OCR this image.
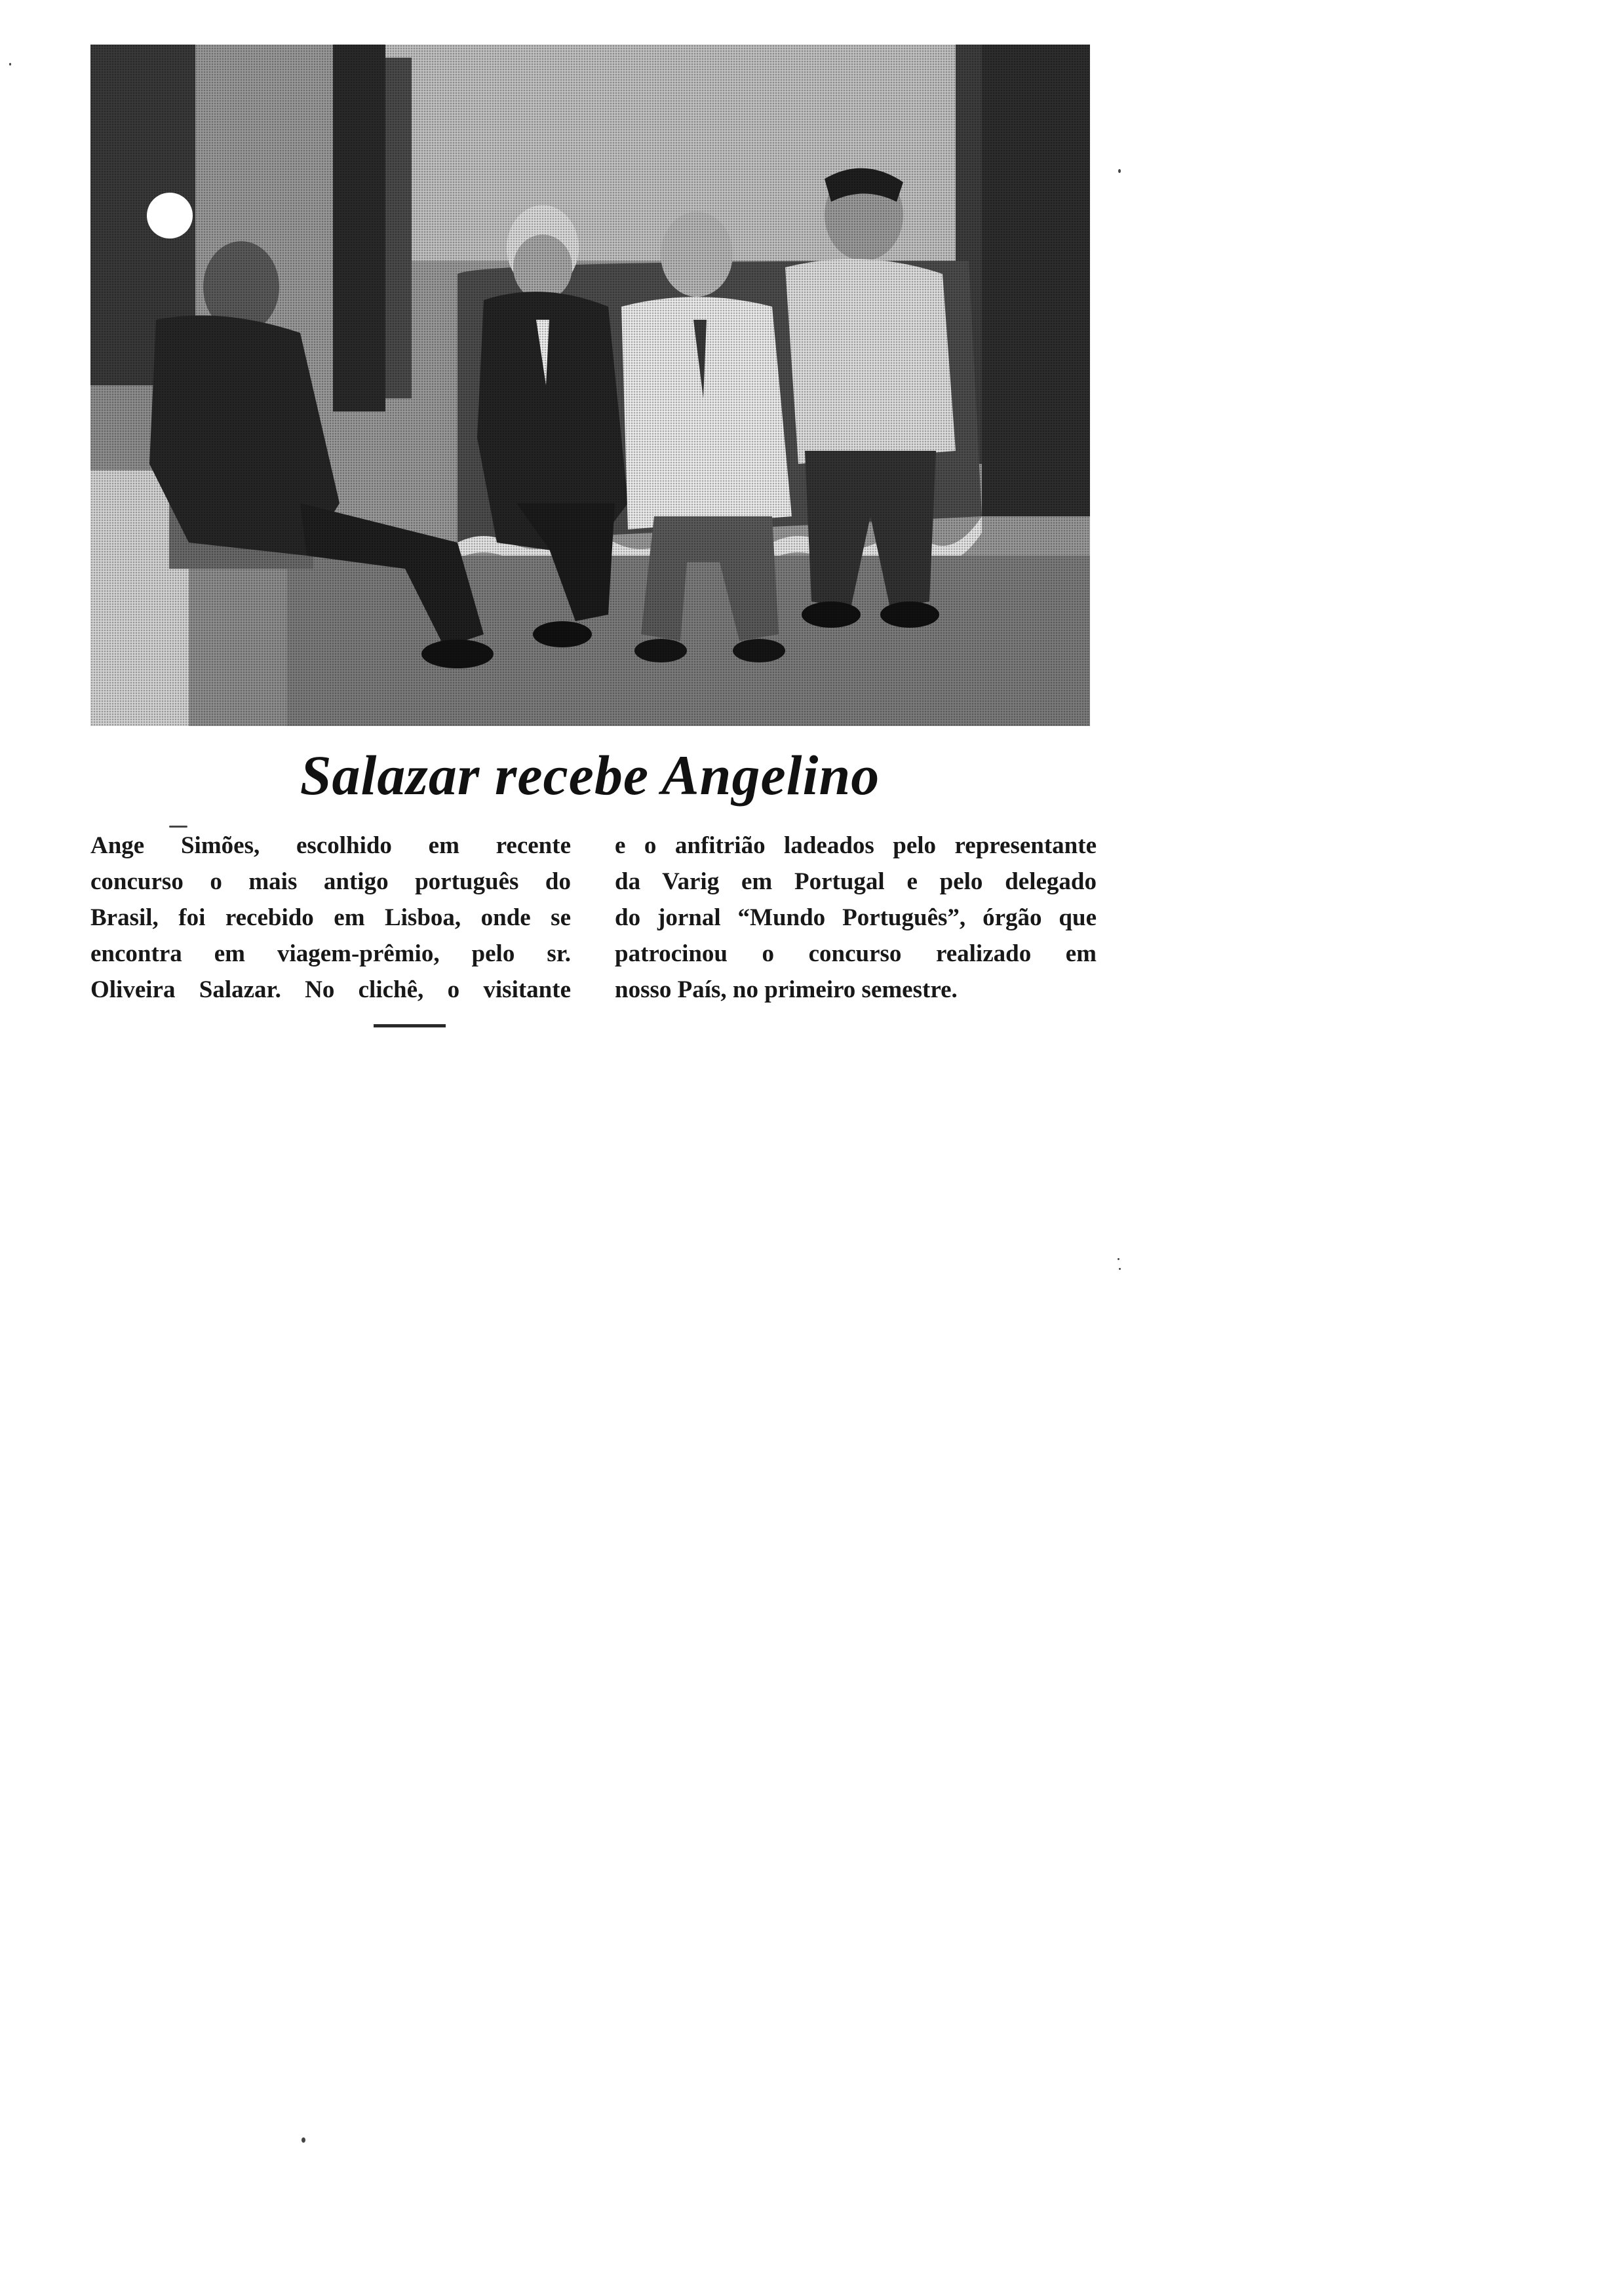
Salazar recebe Angelino
Ange Simões, escolhido em recente
concurso o mais antigo português do
Brasil, foi recebido em Lisboa, onde se
encontra em viagem-prêmio, pelo sr.
Oliveira Salazar. No clichê, o visitante
e o anfitrião ladeados pelo representante
da Varig em Portugal e pelo delegado
do jornal “Mundo Português”, órgão que
patrocinou o concurso realizado em
nosso País, no primeiro semestre.
